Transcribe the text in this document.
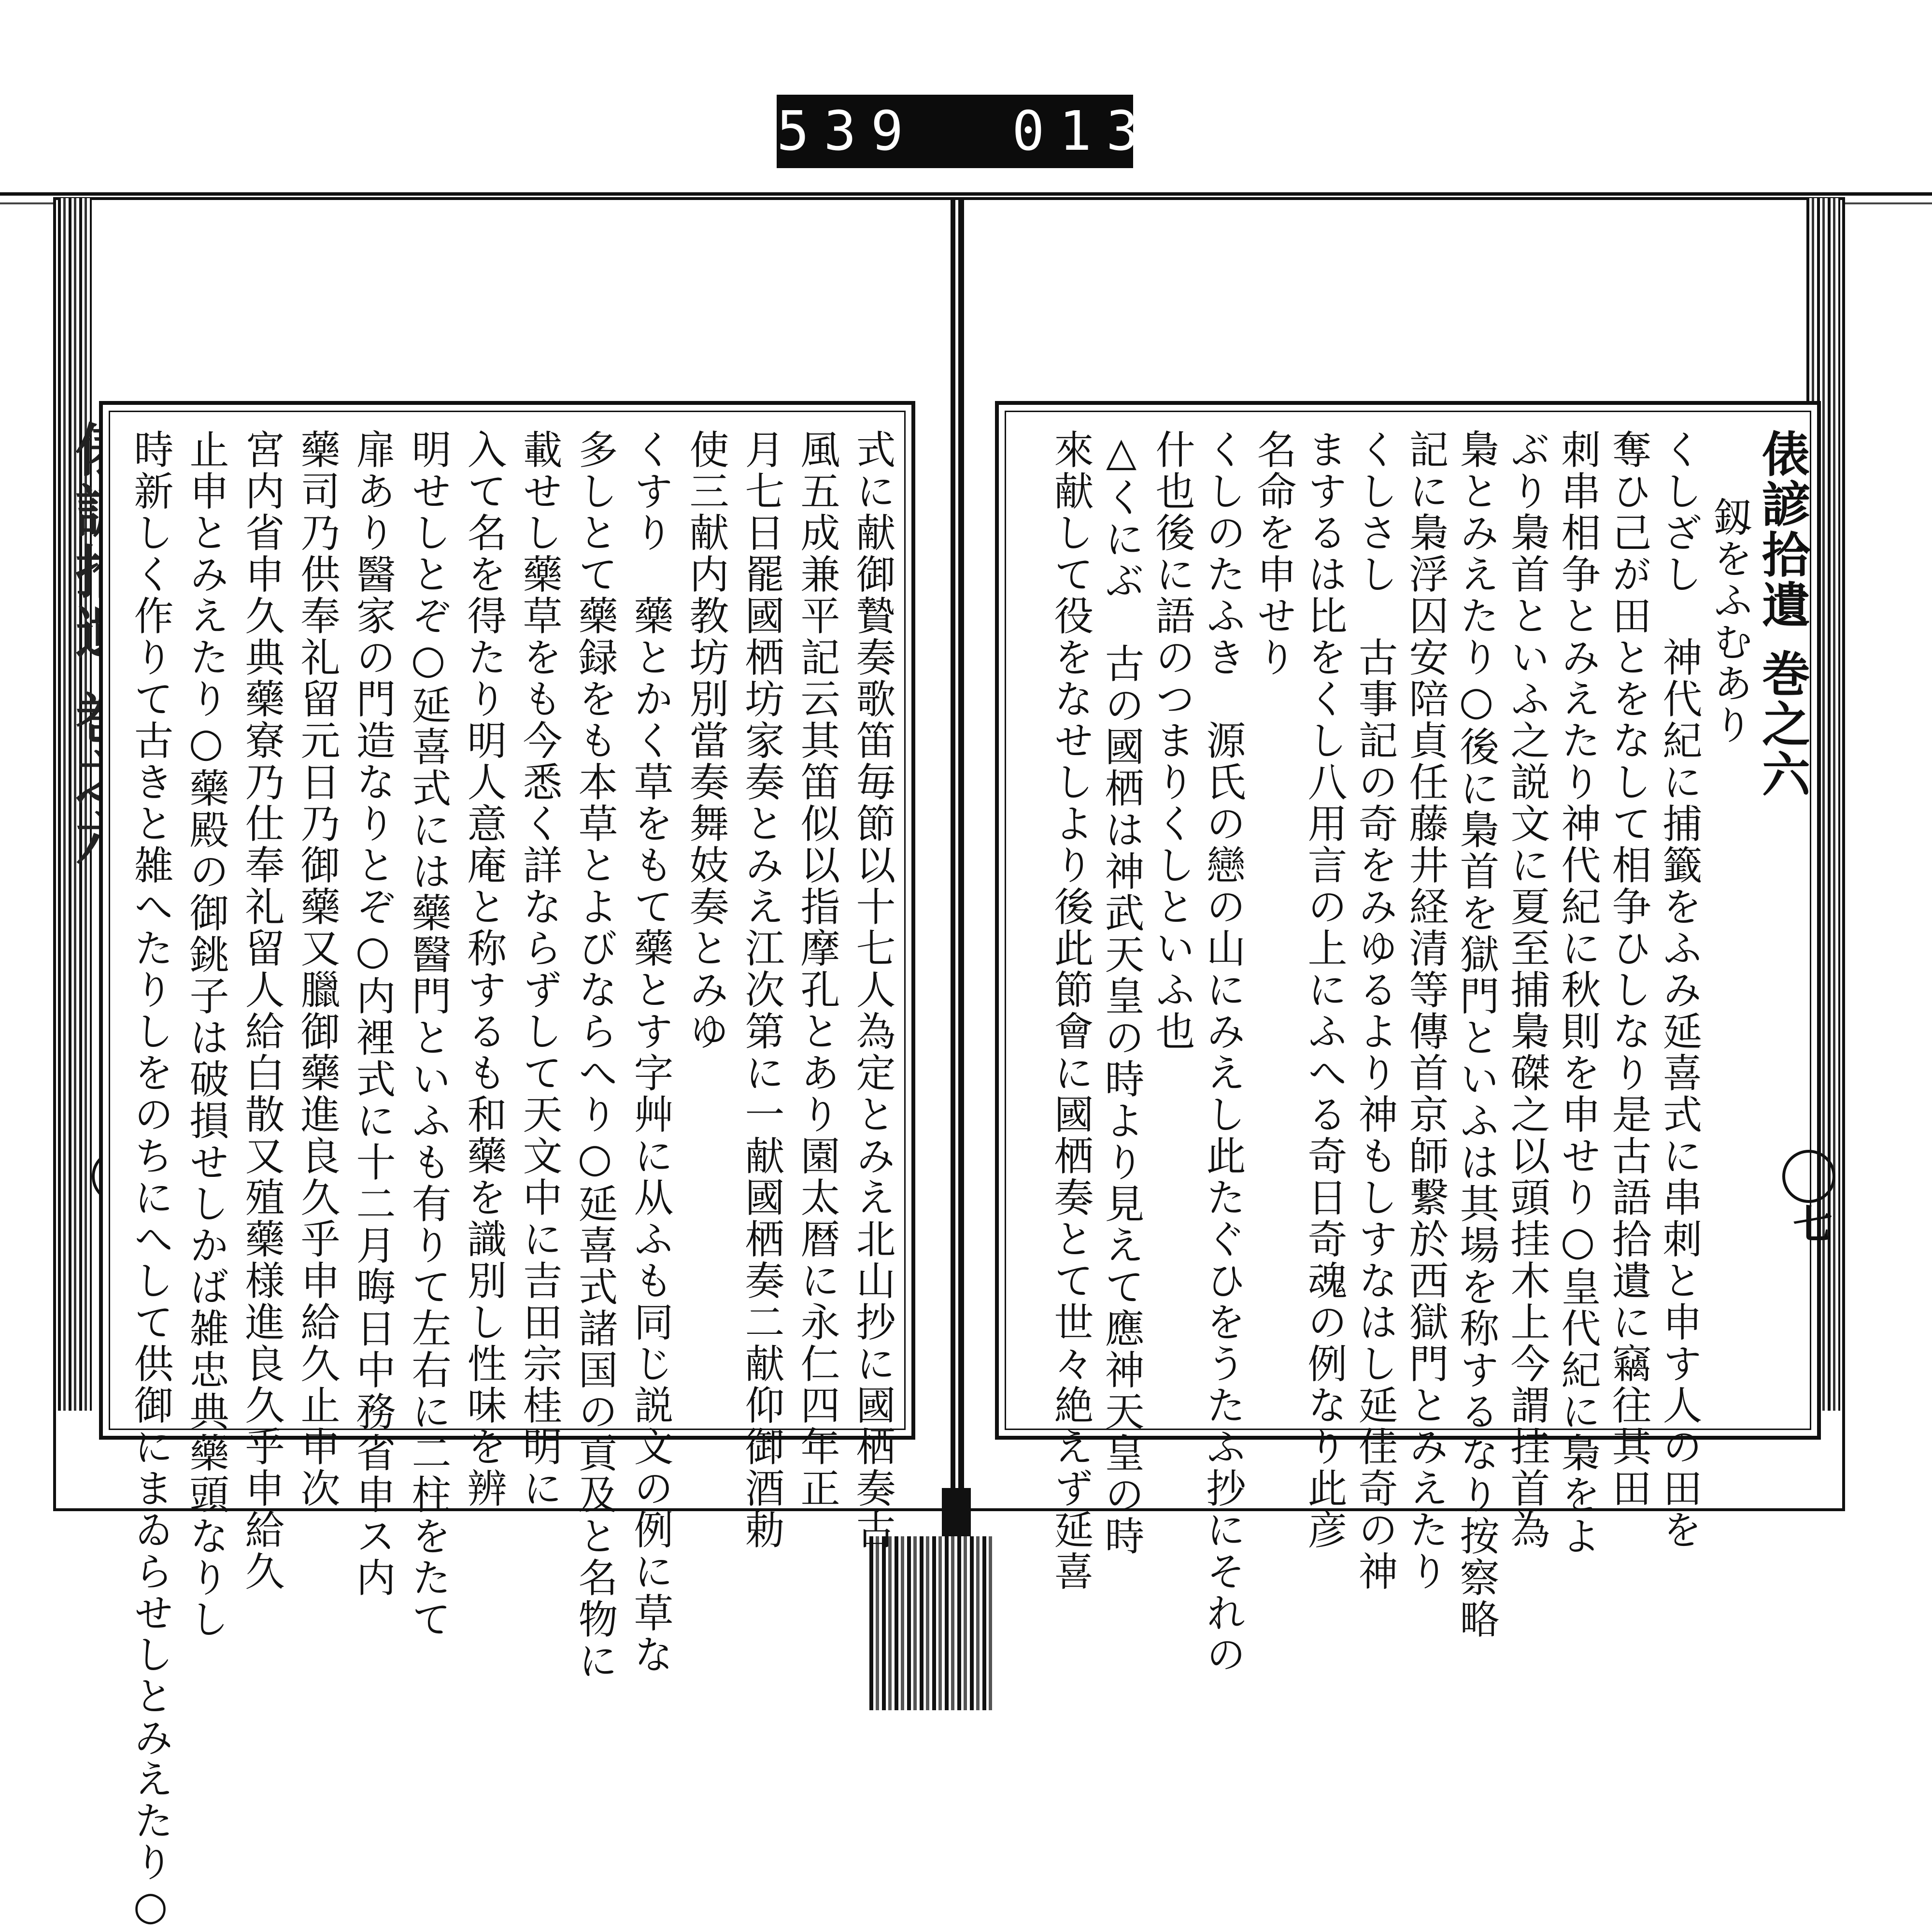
539  013.
俵諺拾遺 巻之六
釼をふむあり
くしざし　神代紀に捕籤をふみ延喜式に串刺と申す人の田を
奪ひ己が田とをなして相争ひしなり是古語拾遺に竊往其田
刺串相争とみえたり神代紀に秋則を申せり○皇代紀に梟をよ
ぶり梟首といふ之説文に夏至捕梟磔之以頭挂木上今謂挂首為
梟とみえたり○後に梟首を獄門といふは其場を称するなり按察略
記に梟浮囚安陪貞任藤井経清等傳首京師繋於西獄門とみえたり
くしさし　古事記の奇をみゆるより神もしすなはし延佳奇の神
まするは比をくし八用言の上にふへる奇日奇魂の例なり此彦
名命を申せり
くしのたふき　源氏の戀の山にみえし此たぐひをうたふ抄にそれの
什也後に語のつまりくしといふ也
△くにぶ　古の國栖は神武天皇の時より見えて應神天皇の時
來献して役をなせしより後此節會に國栖奏とて世々絶えず延喜
式に献御贄奏歌笛毎節以十七人為定とみえ北山抄に國栖奏古
風五成兼平記云其笛似以指摩孔とあり園太暦に永仁四年正
月七日罷國栖坊家奏とみえ江次第に一献國栖奏二献仰御酒勅
使三献内教坊別當奏舞妓奏とみゆ
くすり　藥とかく草をもて藥とす字艸に从ふも同じ説文の例に草な
多しとて藥録をも本草とよびならへり○延喜式諸国の貢及と名物に
載せし藥草をも今悉く詳ならずして天文中に吉田宗桂明に
入て名を得たり明人意庵と称するも和藥を識別し性味を辨
明せしとぞ○延喜式には藥醫門といふも有りて左右に二柱をたて
扉あり醫家の門造なりとぞ○内裡式に十二月晦日中務省申ス内
藥司乃供奉礼留元日乃御藥又臘御藥進良久乎申給久止申次
宮内省申久典藥寮乃仕奉礼留人給白散又殖藥様進良久乎申給久
止申とみえたり○藥殿の御銚子は破損せしかば雑忠典藥頭なりし
時新しく作りて古きと雑へたりしをのちにへして供御にまゐらせしとみえたり○	七
